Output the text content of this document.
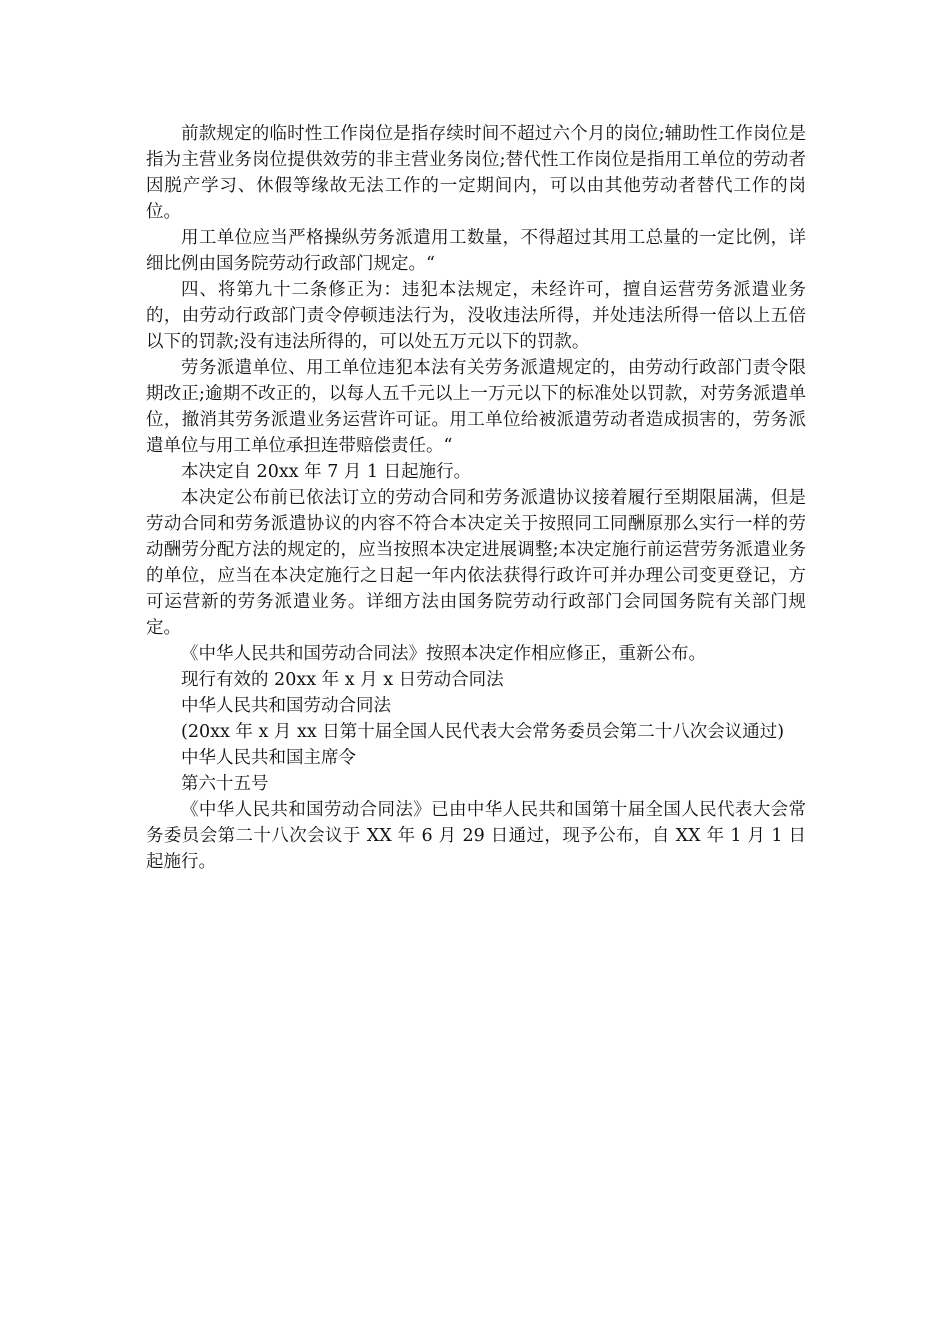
前款规定的临时性工作岗位是指存续时间不超过六个月的岗位;辅助性工作岗位是指为主营业务岗位提供效劳的非主营业务岗位;替代性工作岗位是指用工单位的劳动者因脱产学习、休假等缘故无法工作的一定期间内，可以由其他劳动者替代工作的岗位。

用工单位应当严格操纵劳务派遣用工数量，不得超过其用工总量的一定比例，详细比例由国务院劳动行政部门规定。“

四、将第九十二条修正为：违犯本法规定，未经许可，擅自运营劳务派遣业务的，由劳动行政部门责令停顿违法行为，没收违法所得，并处违法所得一倍以上五倍以下的罚款;没有违法所得的，可以处五万元以下的罚款。

劳务派遣单位、用工单位违犯本法有关劳务派遣规定的，由劳动行政部门责令限期改正;逾期不改正的，以每人五千元以上一万元以下的标准处以罚款，对劳务派遣单位，撤消其劳务派遣业务运营许可证。用工单位给被派遣劳动者造成损害的，劳务派遣单位与用工单位承担连带赔偿责任。“

本决定自 20xx 年 7 月 1 日起施行。

本决定公布前已依法订立的劳动合同和劳务派遣协议接着履行至期限届满，但是劳动合同和劳务派遣协议的内容不符合本决定关于按照同工同酬原那么实行一样的劳动酬劳分配方法的规定的，应当按照本决定进展调整;本决定施行前运营劳务派遣业务的单位，应当在本决定施行之日起一年内依法获得行政许可并办理公司变更登记，方可运营新的劳务派遣业务。详细方法由国务院劳动行政部门会同国务院有关部门规定。

《中华人民共和国劳动合同法》按照本决定作相应修正，重新公布。

现行有效的 20xx 年 x 月 x 日劳动合同法

中华人民共和国劳动合同法

(20xx 年 x 月 xx 日第十届全国人民代表大会常务委员会第二十八次会议通过)

中华人民共和国主席令

第六十五号

《中华人民共和国劳动合同法》已由中华人民共和国第十届全国人民代表大会常务委员会第二十八次会议于 XX 年 6 月 29 日通过，现予公布，自 XX 年 1 月 1 日起施行。
